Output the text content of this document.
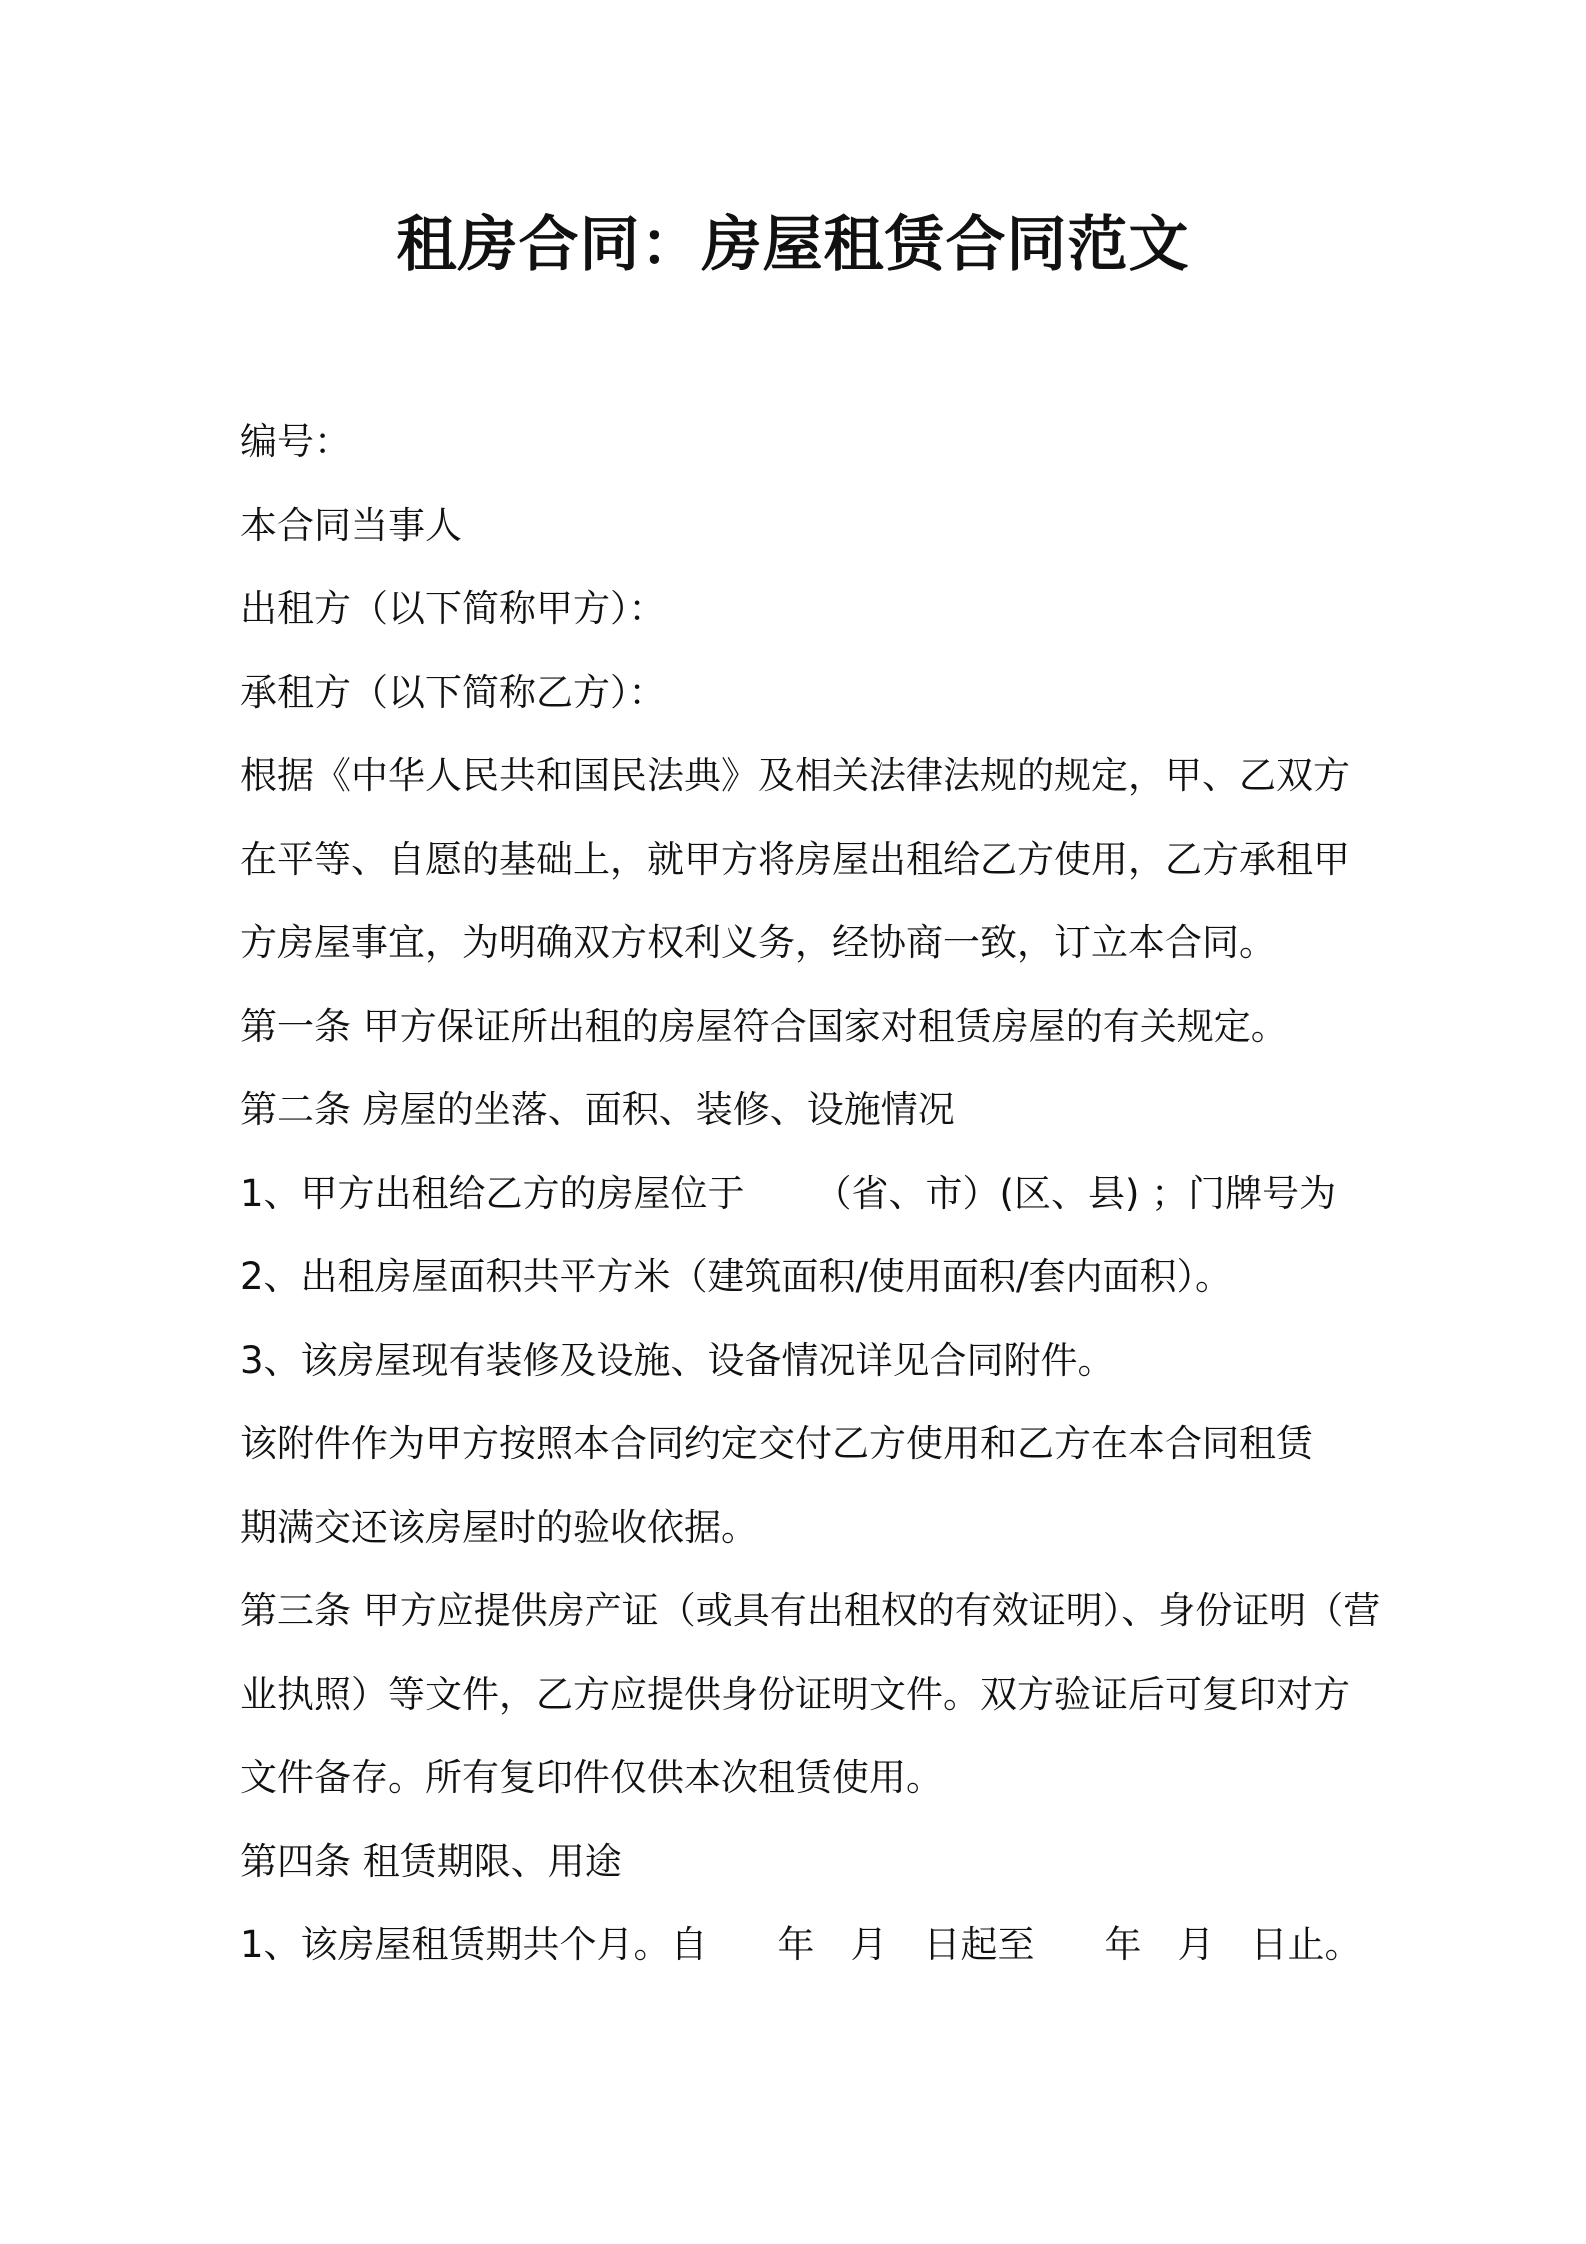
租房合同：房屋租赁合同范文
编号：
本合同当事人
出租方（以下简称甲方）：
承租方（以下简称乙方）：
根据《中华人民共和国民法典》及相关法律法规的规定，甲、乙双方
在平等、自愿的基础上，就甲方将房屋出租给乙方使用，乙方承租甲
方房屋事宜，为明确双方权利义务，经协商一致，订立本合同。
第一条 甲方保证所出租的房屋符合国家对租赁房屋的有关规定。
第二条 房屋的坐落、面积、装修、设施情况
1、甲方出租给乙方的房屋位于 （省、市）(区、县) ；门牌号为
2、出租房屋面积共平方米（建筑面积/使用面积/套内面积）。
3、该房屋现有装修及设施、设备情况详见合同附件。
该附件作为甲方按照本合同约定交付乙方使用和乙方在本合同租赁
期满交还该房屋时的验收依据。
第三条 甲方应提供房产证（或具有出租权的有效证明）、身份证明（营
业执照）等文件，乙方应提供身份证明文件。双方验证后可复印对方
文件备存。所有复印件仅供本次租赁使用。
第四条 租赁期限、用途
1、该房屋租赁期共个月。自 年 月 日起至 年 月 日止。
